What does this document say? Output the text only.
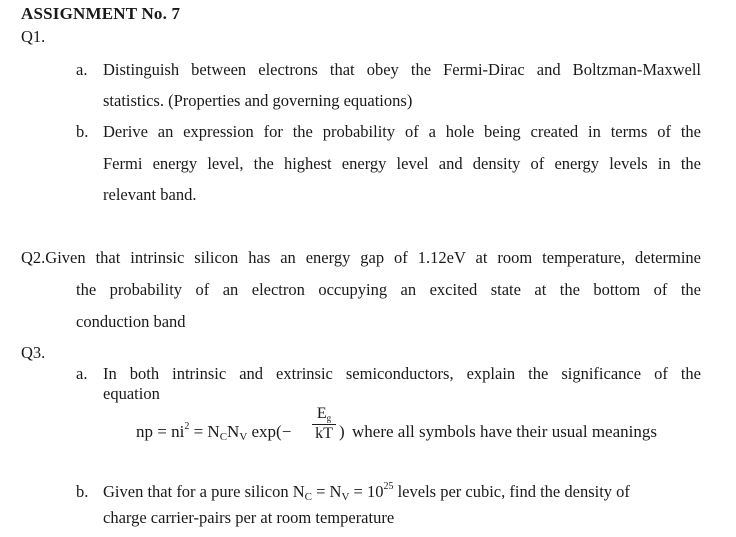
ASSIGNMENT No. 7
Q1.
a. Distinguish between electrons that obey the Fermi-Dirac and Boltzman-Maxwell
statistics. (Properties and governing equations)
b. Derive an expression for the probability of a hole being created in terms of the
Fermi energy level, the highest energy level and density of energy levels in the
relevant band.
Q2.Given that intrinsic silicon has an energy gap of 1.12eV at room temperature, determine
the probability of an electron occupying an excited state at the bottom of the
conduction band
Q3.
a. In both intrinsic and extrinsic semiconductors, explain the significance of the
equation
np = $ni^2$ = NCNV exp(−
Eg
kT ) where all symbols have their usual meanings
b. Given that for a pure silicon NC = NV = $10^{25}$ levels per cubic, find the density of
charge carrier-pairs per at room temperature
